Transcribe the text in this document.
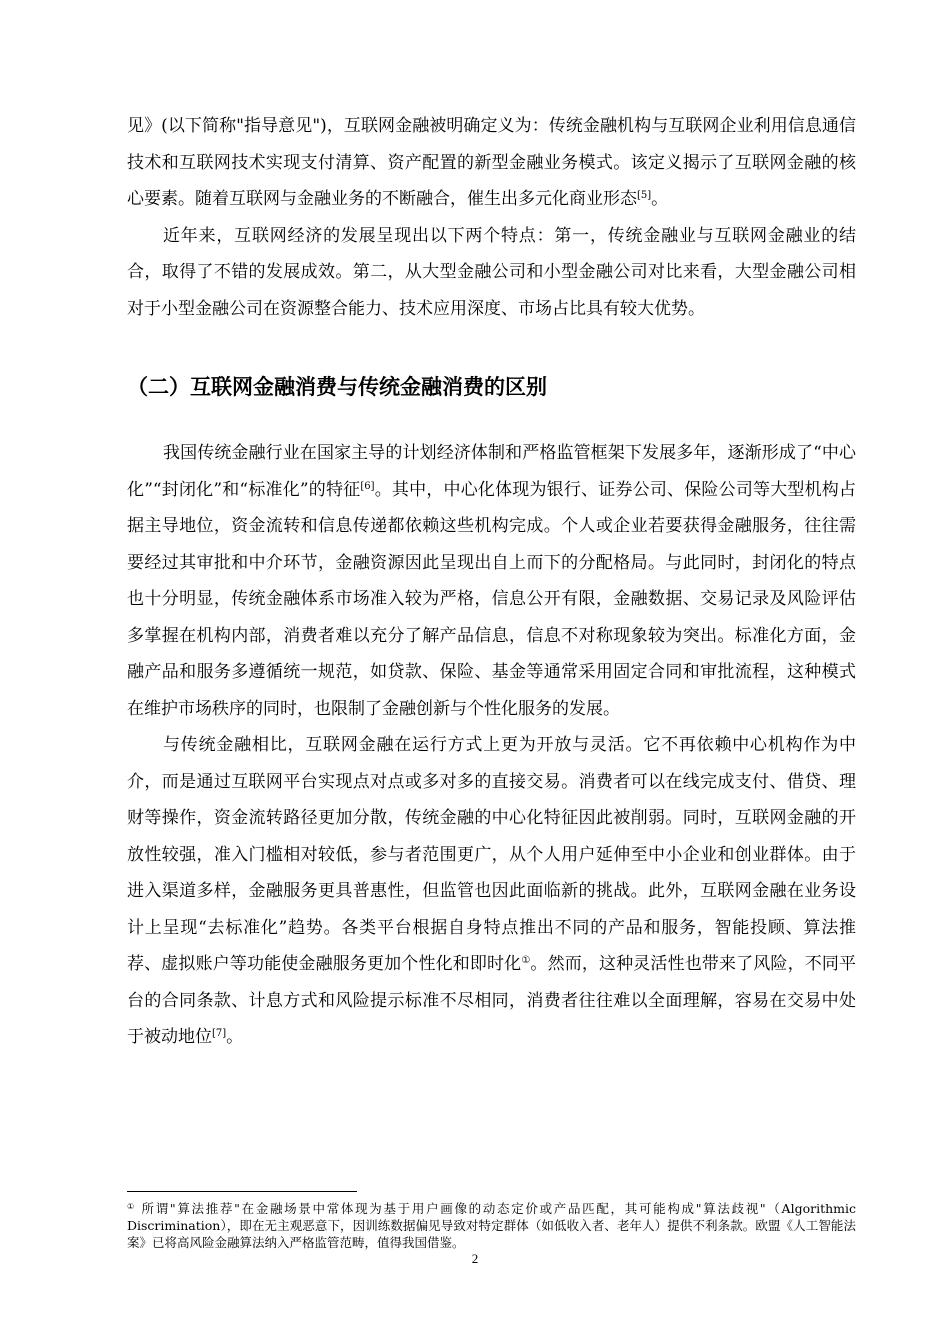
见》(以下简称"指导意见")，互联网金融被明确定义为：传统金融机构与互联网企业利用信息通信技术和互联网技术实现支付清算、资产配置的新型金融业务模式。该定义揭示了互联网金融的核心要素。随着互联网与金融业务的不断融合，催生出多元化商业形态[5]。

近年来，互联网经济的发展呈现出以下两个特点：第一，传统金融业与互联网金融业的结合，取得了不错的发展成效。第二，从大型金融公司和小型金融公司对比来看，大型金融公司相对于小型金融公司在资源整合能力、技术应用深度、市场占比具有较大优势。

（二）互联网金融消费与传统金融消费的区别

我国传统金融行业在国家主导的计划经济体制和严格监管框架下发展多年，逐渐形成了“中心化”“封闭化”和“标准化”的特征[6]。其中，中心化体现为银行、证券公司、保险公司等大型机构占据主导地位，资金流转和信息传递都依赖这些机构完成。个人或企业若要获得金融服务，往往需要经过其审批和中介环节，金融资源因此呈现出自上而下的分配格局。与此同时，封闭化的特点也十分明显，传统金融体系市场准入较为严格，信息公开有限，金融数据、交易记录及风险评估多掌握在机构内部，消费者难以充分了解产品信息，信息不对称现象较为突出。标准化方面，金融产品和服务多遵循统一规范，如贷款、保险、基金等通常采用固定合同和审批流程，这种模式在维护市场秩序的同时，也限制了金融创新与个性化服务的发展。

与传统金融相比，互联网金融在运行方式上更为开放与灵活。它不再依赖中心机构作为中介，而是通过互联网平台实现点对点或多对多的直接交易。消费者可以在线完成支付、借贷、理财等操作，资金流转路径更加分散，传统金融的中心化特征因此被削弱。同时，互联网金融的开放性较强，准入门槛相对较低，参与者范围更广，从个人用户延伸至中小企业和创业群体。由于进入渠道多样，金融服务更具普惠性，但监管也因此面临新的挑战。此外，互联网金融在业务设计上呈现“去标准化”趋势。各类平台根据自身特点推出不同的产品和服务，智能投顾、算法推荐、虚拟账户等功能使金融服务更加个性化和即时化①。然而，这种灵活性也带来了风险，不同平台的合同条款、计息方式和风险提示标准不尽相同，消费者往往难以全面理解，容易在交易中处于被动地位[7]。

① 所谓"算法推荐"在金融场景中常体现为基于用户画像的动态定价或产品匹配，其可能构成"算法歧视"（Algorithmic Discrimination），即在无主观恶意下，因训练数据偏见导致对特定群体（如低收入者、老年人）提供不利条款。欧盟《人工智能法案》已将高风险金融算法纳入严格监管范畴，值得我国借鉴。
2
